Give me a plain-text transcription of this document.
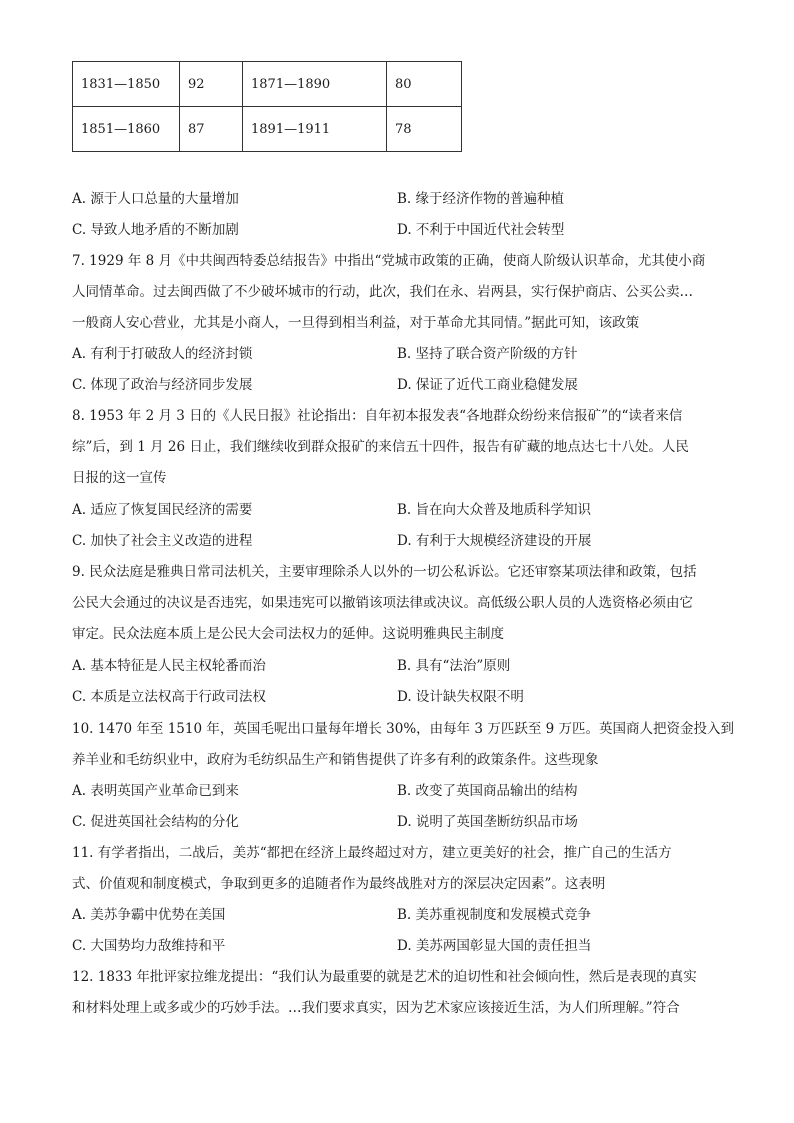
1831—1850	92	1871—1890	80
1851—1860	87	1891—1911	78
A. 源于人口总量的大量增加	B. 缘于经济作物的普遍种植
C. 导致人地矛盾的不断加剧	D. 不利于中国近代社会转型
7. 1929 年 8 月《中共闽西特委总结报告》中指出“党城市政策的正确，使商人阶级认识革命，尤其使小商
人同情革命。过去闽西做了不少破坏城市的行动，此次，我们在永、岩两县，实行保护商店、公买公卖…
一般商人安心营业，尤其是小商人，一旦得到相当利益，对于革命尤其同情。”据此可知，该政策
A. 有利于打破敌人的经济封锁	B. 坚持了联合资产阶级的方针
C. 体现了政治与经济同步发展	D. 保证了近代工商业稳健发展
8. 1953 年 2 月 3 日的《人民日报》社论指出：自年初本报发表“各地群众纷纷来信报矿”的“读者来信
综”后，到 1 月 26 日止，我们继续收到群众报矿的来信五十四件，报告有矿藏的地点达七十八处。人民
日报的这一宣传
A. 适应了恢复国民经济的需要	B. 旨在向大众普及地质科学知识
C. 加快了社会主义改造的进程	D. 有利于大规模经济建设的开展
9. 民众法庭是雅典日常司法机关，主要审理除杀人以外的一切公私诉讼。它还审察某项法律和政策，包括
公民大会通过的决议是否违宪，如果违宪可以撤销该项法律或决议。高低级公职人员的人选资格必须由它
审定。民众法庭本质上是公民大会司法权力的延伸。这说明雅典民主制度
A. 基本特征是人民主权轮番而治	B. 具有“法治”原则
C. 本质是立法权高于行政司法权	D. 设计缺失权限不明
10. 1470 年至 1510 年，英国毛呢出口量每年增长 30%，由每年 3 万匹跃至 9 万匹。英国商人把资金投入到
养羊业和毛纺织业中，政府为毛纺织品生产和销售提供了许多有利的政策条件。这些现象
A. 表明英国产业革命已到来	B. 改变了英国商品输出的结构
C. 促进英国社会结构的分化	D. 说明了英国垄断纺织品市场
11. 有学者指出，二战后，美苏“都把在经济上最终超过对方，建立更美好的社会，推广自己的生活方
式、价值观和制度模式，争取到更多的追随者作为最终战胜对方的深层决定因素”。这表明
A. 美苏争霸中优势在美国	B. 美苏重视制度和发展模式竞争
C. 大国势均力敌维持和平	D. 美苏两国彰显大国的责任担当
12. 1833 年批评家拉维龙提出：“我们认为最重要的就是艺术的迫切性和社会倾向性，然后是表现的真实
和材料处理上或多或少的巧妙手法。…我们要求真实，因为艺术家应该接近生活，为人们所理解。”符合
